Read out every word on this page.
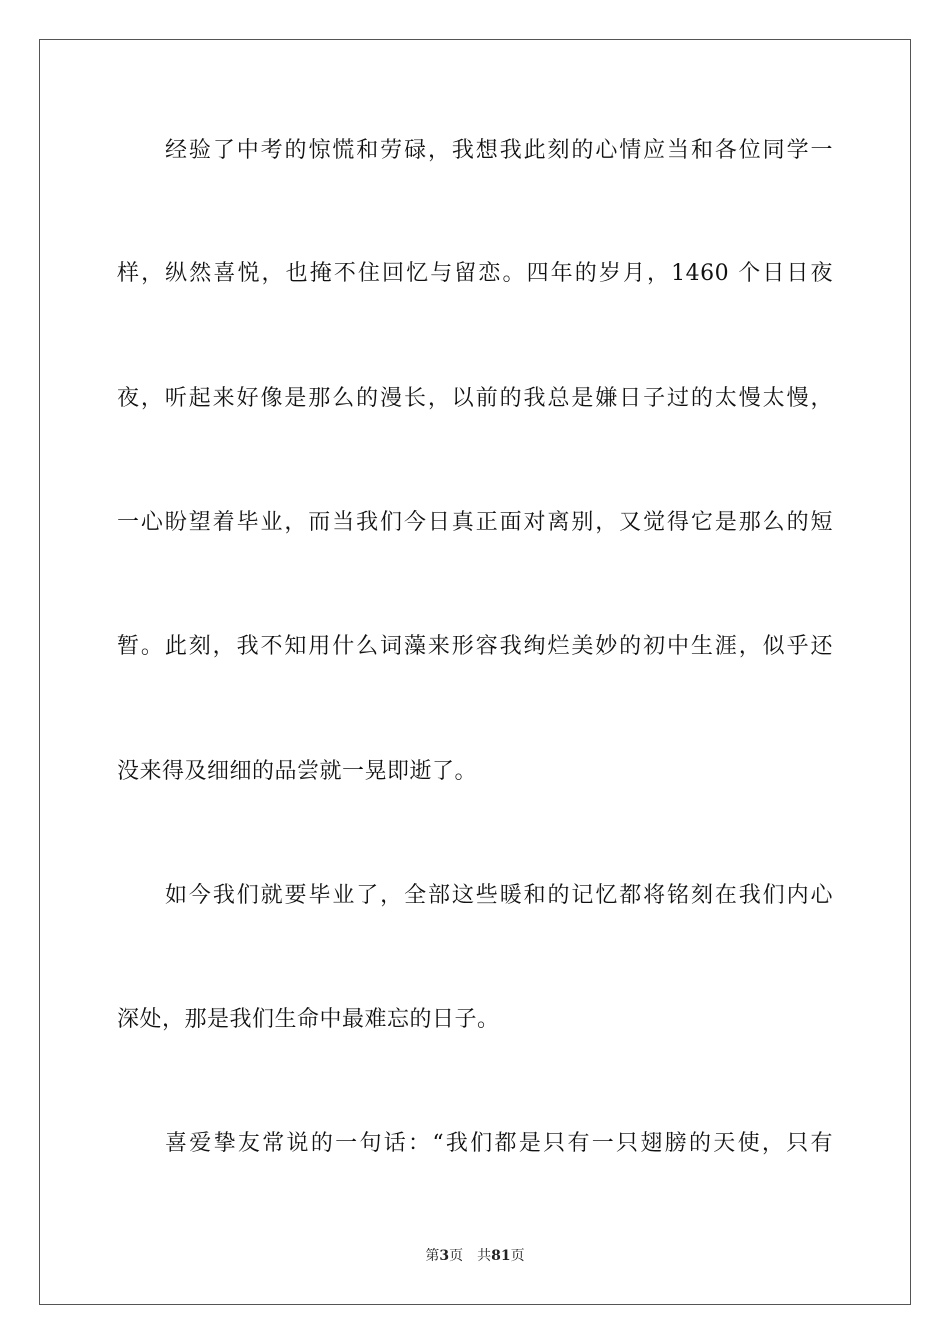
经验了中考的惊慌和劳碌，我想我此刻的心情应当和各位同学一
样，纵然喜悦，也掩不住回忆与留恋。四年的岁月，1460 个日日夜
夜，听起来好像是那么的漫长，以前的我总是嫌日子过的太慢太慢，
一心盼望着毕业，而当我们今日真正面对离别，又觉得它是那么的短
暂。此刻，我不知用什么词藻来形容我绚烂美妙的初中生涯，似乎还
没来得及细细的品尝就一晃即逝了。
如今我们就要毕业了，全部这些暖和的记忆都将铭刻在我们内心
深处，那是我们生命中最难忘的日子。
喜爱挚友常说的一句话：“我们都是只有一只翅膀的天使，只有
第3页 共81页
